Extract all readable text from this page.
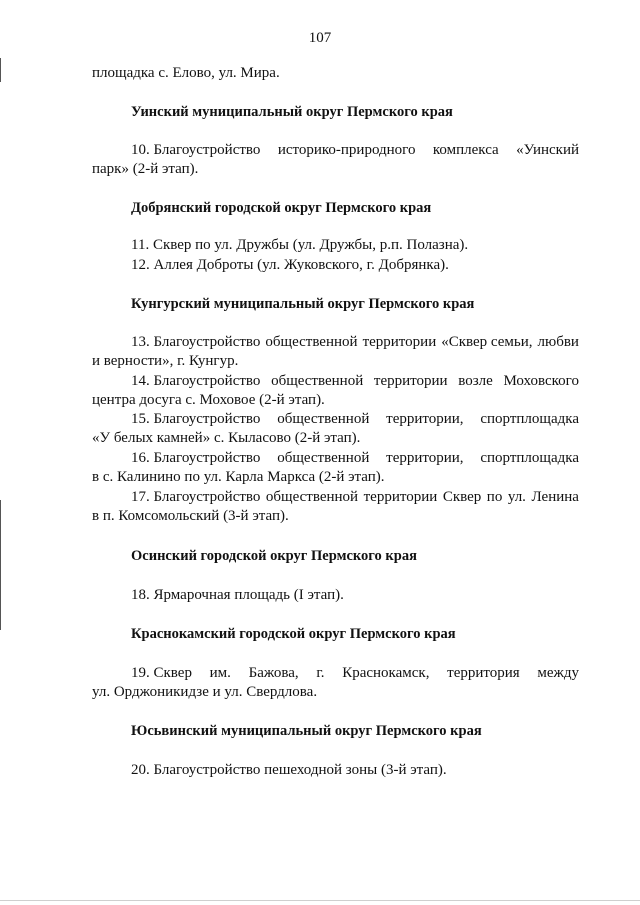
107
площадка с. Елово, ул. Мира.
Уинский муниципальный округ Пермского края
10. Благоустройство историко-природного комплекса «Уинский
парк» (2-й этап).
Добрянский городской округ Пермского края
11. Сквер по ул. Дружбы (ул. Дружбы, р.п. Полазна).
12. Аллея Доброты (ул. Жуковского, г. Добрянка).
Кунгурский муниципальный округ Пермского края
13. Благоустройство общественной территории «Сквер семьи, любви
и верности», г. Кунгур.
14. Благоустройство общественной территории возле Моховского
центра досуга с. Моховое (2-й этап).
15. Благоустройство общественной территории, спортплощадка
«У белых камней» с. Кыласово (2-й этап).
16. Благоустройство общественной территории, спортплощадка
в с. Калинино по ул. Карла Маркса (2-й этап).
17. Благоустройство общественной территории Сквер по ул. Ленина
в п. Комсомольский (3-й этап).
Осинский городской округ Пермского края
18. Ярмарочная площадь (I этап).
Краснокамский городской округ Пермского края
19. Сквер им. Бажова, г. Краснокамск, территория между
ул. Орджоникидзе и ул. Свердлова.
Юсьвинский муниципальный округ Пермского края
20. Благоустройство пешеходной зоны (3-й этап).
